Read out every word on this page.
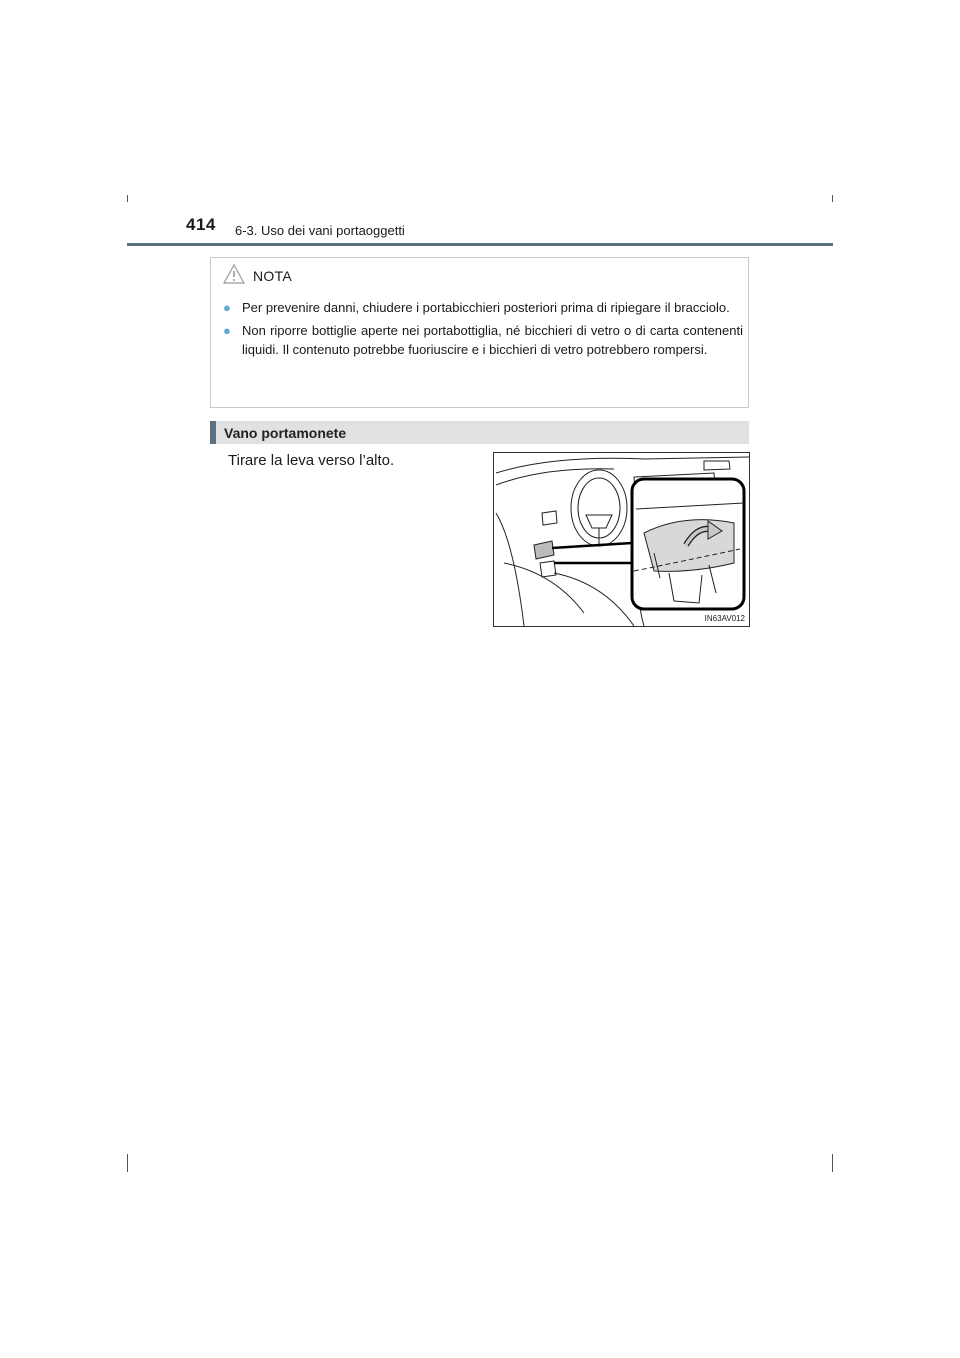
414 6-3. Uso dei vani portaoggetti
NOTA
● Per prevenire danni, chiudere i portabicchieri posteriori prima di ripiegare il bracciolo.
● Non riporre bottiglie aperte nei portabottiglia, né bicchieri di vetro o di carta contenenti liquidi. Il contenuto potrebbe fuoriuscire e i bicchieri di vetro potrebbero rompersi.
Vano portamonete
Tirare la leva verso l’alto.
IN63AV012
